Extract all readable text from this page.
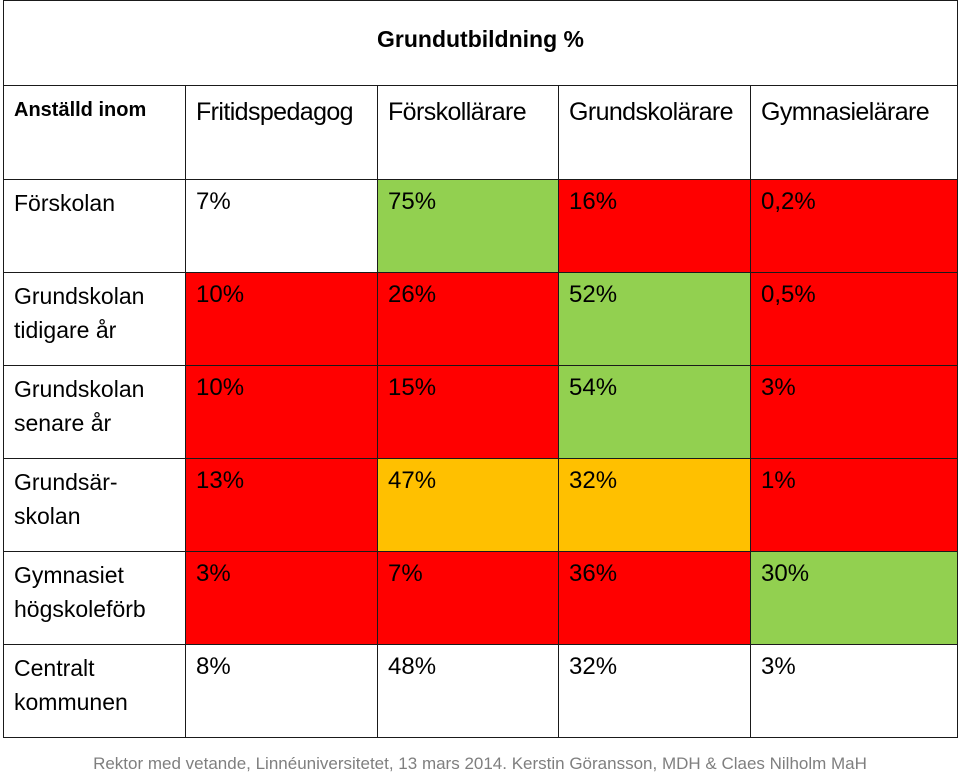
Grundutbildning %				
Anställd inom	Fritidspedagog	Förskollärare	Grundskolärare	Gymnasielärare

Förskolan	7%	75%	16%	0,2%

Grundskolan
tidigare år	10%	26%	52%	0,5%

Grundskolan
senare år	10%	15%	54%	3%

Grundsär-
skolan	13%	47%	32%	1%

Gymnasiet
högskoleförb	3%	7%	36%	30%

Centralt
kommunen	8%	48%	32%	3%
Rektor med vetande, Linnéuniversitetet, 13 mars 2014. Kerstin Göransson, MDH & Claes Nilholm MaH
